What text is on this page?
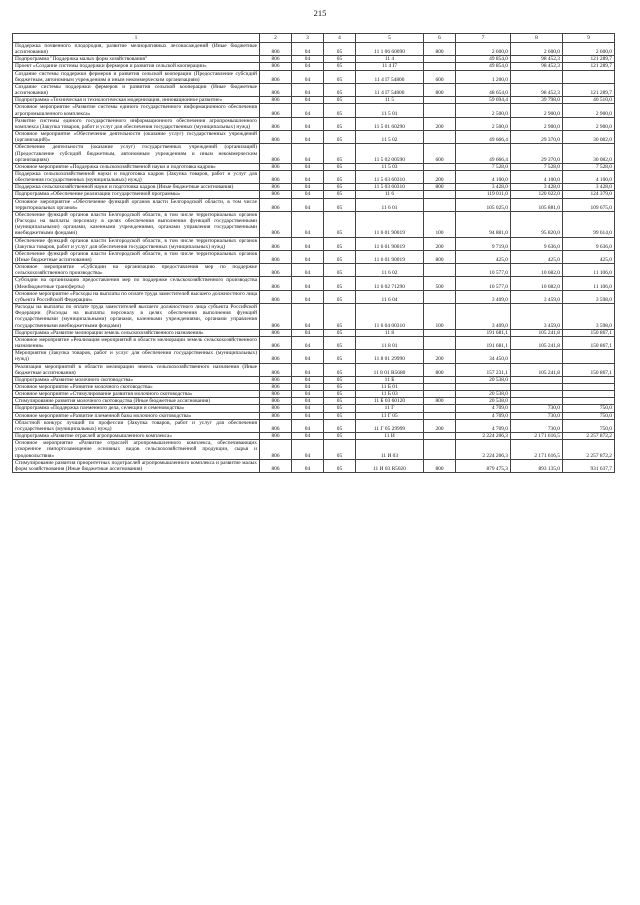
215
1	2	3	4	5	6	7	8	9
Поддержка почвенного плодородия, развитие мелиоративных лесонасаждений (Иные бюджетные ассигнования)	806	04	05	11 1 06 60090	800	2 600,0	2 600,0	2 600,0
Подпрограмма "Поддержка малых форм хозяйствования"	806	04	05	11 4		49 854,0	98 452,3	121 289,7
Проект «Создание системы поддержки фермеров и развития сельской кооперации»	806	04	05	11 4 I7		49 854,0	98 452,3	121 289,7
Создание системы поддержки фермеров и развития сельской кооперации (Предоставление субсидий бюджетным, автономным учреждениям и иным некоммерческим организациям)	806	04	05	11 4 I7 54800	600	1 200,0		
Создание системы поддержки фермеров и развития сельской кооперации (Иные бюджетные ассигнования)	806	04	05	11 4 I7 54800	800	48 654,0	98 452,3	121 289,7
Подпрограмма «Техническая и технологическая модернизация, инновационное развитие»	806	04	05	11 5		59 694,4	39 798,0	40 510,0
Основное мероприятие «Развитие системы единого государственного информационного обеспечения агропромышленного комплекса»	806	04	05	11 5 01		2 500,0	2 900,0	2 900,0
Развитие системы единого государственного информационного обеспечения агропромышленного комплекса (Закупка товаров, работ и услуг для обеспечения государственных (муниципальных) нужд)	806	04	05	11 5 01 60290	200	2 500,0	2 900,0	2 900,0
Основное мероприятие «Обеспечение деятельности (оказание услуг) государственных учреждений (организаций)»	806	04	05	11 5 02		49 666,4	29 370,0	30 082,0
Обеспечение деятельности (оказание услуг) государственных учреждений (организаций) (Предоставление субсидий бюджетным, автономным учреждениям и иным некоммерческим организациям)	806	04	05	11 5 02 00590	600	49 666,4	29 370,0	30 082,0
Основное мероприятие «Поддержка сельскохозяйственной науки и подготовка кадров»	806	04	05	11 5 03		7 528,0	7 528,0	7 528,0
Поддержка сельскохозяйственной науки и подготовка кадров (Закупка товаров, работ и услуг для обеспечения государственных (муниципальных) нужд)	806	04	05	11 5 03 60310	200	4 100,0	4 100,0	4 100,0
Поддержка сельскохозяйственной науки и подготовка кадров (Иные бюджетные ассигнования)	806	04	05	11 5 03 60310	800	3 428,0	3 428,0	3 428,0
Подпрограмма «Обеспечение реализации государственной программы»	806	04	05	11 6		119 011,0	120 022,0	124 379,0
Основное мероприятие «Обеспечение функций органов власти Белгородской области, в том числе территориальных органов»	806	04	05	11 6 01		105 025,0	105 881,0	109 675,0
Обеспечение функций органов власти Белгородской области, в том числе территориальных органов (Расходы на выплаты персоналу в целях обеспечения выполнения функций государственными (муниципальными) органами, казенными учреждениями, органами управления государственными внебюджетными фондами)	806	04	05	11 6 01 90019	100	94 881,0	95 820,0	99 614,0
Обеспечение функций органов власти Белгородской области, в том числе территориальных органов (Закупка товаров, работ и услуг для обеспечения государственных (муниципальных) нужд)	806	04	05	11 6 01 90019	200	9 719,0	9 636,0	9 636,0
Обеспечение функций органов власти Белгородской области, в том числе территориальных органов (Иные бюджетные ассигнования)	806	04	05	11 6 01 90019	800	425,0	425,0	425,0
Основное мероприятие «Субсидии на организацию предоставления мер по поддержке сельскохозяйственного производства»	806	04	05	11 6 02		10 577,0	10 682,0	11 106,0
Субсидии на организацию предоставления мер по поддержке сельскохозяйственного производства (Межбюджетные трансферты)	806	04	05	11 6 02 71290	500	10 577,0	10 682,0	11 106,0
Основное мероприятие «Расходы на выплаты по оплате труда заместителей высшего должностного лица субъекта Российской Федерации»	806	04	05	11 6 04		3 409,0	3 459,0	3 598,0
Расходы на выплаты по оплате труда заместителей высшего должностного лица субъекта Российской Федерации (Расходы на выплаты персоналу в целях обеспечения выполнения функций государственными (муниципальными) органами, казенными учреждениями, органами управления государственными внебюджетными фондами)	806	04	05	11 6 04 00310	100	3 409,0	3 459,0	3 598,0
Подпрограмма «Развитие мелиорации земель сельскохозяйственного назначения»	806	04	05	11 8		191 681,1	105 241,8	150 867,1
Основное мероприятие «Реализация мероприятий в области мелиорации земель сельскохозяйственного назначения»	806	04	05	11 8 01		191 681,1	105 241,8	150 867,1
Мероприятия (Закупка товаров, работ и услуг для обеспечения государственных (муниципальных) нужд)	806	04	05	11 8 01 29990	200	34 450,0		
Реализация мероприятий в области мелиорации земель сельскохозяйственного назначения (Иные бюджетные ассигнования)	806	04	05	11 8 01 R5680	800	157 231,1	105 241,8	150 867,1
Подпрограмма «Развитие молочного скотоводства»	806	04	05	11 Б		20 538,0		
Основное мероприятие «Развитие молочного скотоводства»	806	04	05	11 Б 01				
Основное мероприятие «Стимулирование развития молочного скотоводства»	806	04	05	11 Б 03		20 538,0		
Стимулирование развития молочного скотоводства (Иные бюджетные ассигнования)	806	04	05	11 Б 03 60120	800	20 538,0		
Подпрограмма «Поддержка племенного дела, селекции и семеноводства»	806	04	05	11 Г		4 709,0	730,0	750,0
Основное мероприятие «Развитие племенной базы молочного скотоводства»	806	04	05	11 Г 05		4 709,0	730,0	750,0
Областной конкурс лучший по профессии (Закупка товаров, работ и услуг для обеспечения государственных (муниципальных) нужд)	806	04	05	11 Г 05 29999	200	4 709,0	730,0	750,0
Подпрограмма «Развитие отраслей агропромышленного комплекса»	806	04	05	11 И		2 224 206,3	2 171 616,5	2 257 872,2
Основное мероприятие «Развитие отраслей агропромышленного комплекса, обеспечивающих ускоренное импортозамещение основных видов сельскохозяйственной продукции, сырья и продовольствия»	806	04	05	11 И 03		2 224 206,3	2 171 616,5	2 257 872,2
Стимулирование развития приоритетных подотраслей агропромышленного комплекса и развитие малых форм хозяйствования (Иные бюджетные ассигнования)	806	04	05	11 И 03 R5020	800	879 475,3	893 135,0	931 637,7
